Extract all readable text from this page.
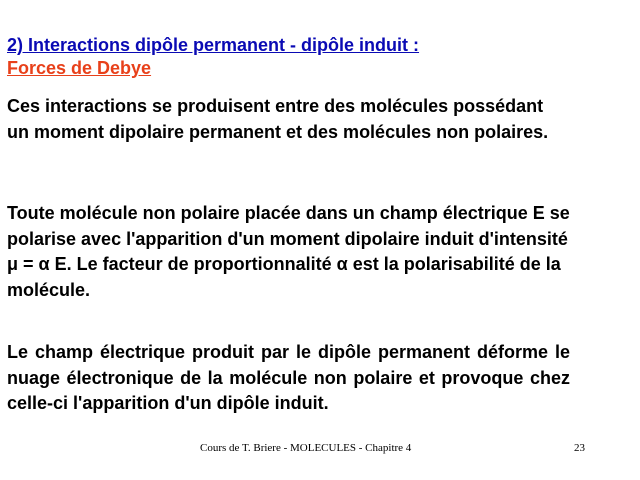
2) Interactions dipôle permanent - dipôle induit :
Forces de Debye

Ces interactions se produisent entre des molécules possédant un moment dipolaire permanent et des molécules non polaires.

Toute molécule non polaire placée dans un champ électrique E se polarise avec l'apparition d'un moment dipolaire induit d'intensité μ = α E. Le facteur de proportionnalité α est la polarisabilité de la molécule.

Le champ électrique produit par le dipôle permanent déforme le nuage électronique de la molécule non polaire et provoque chez celle-ci l'apparition d'un dipôle induit.

Cours de T. Briere - MOLECULES - Chapitre 4	23
